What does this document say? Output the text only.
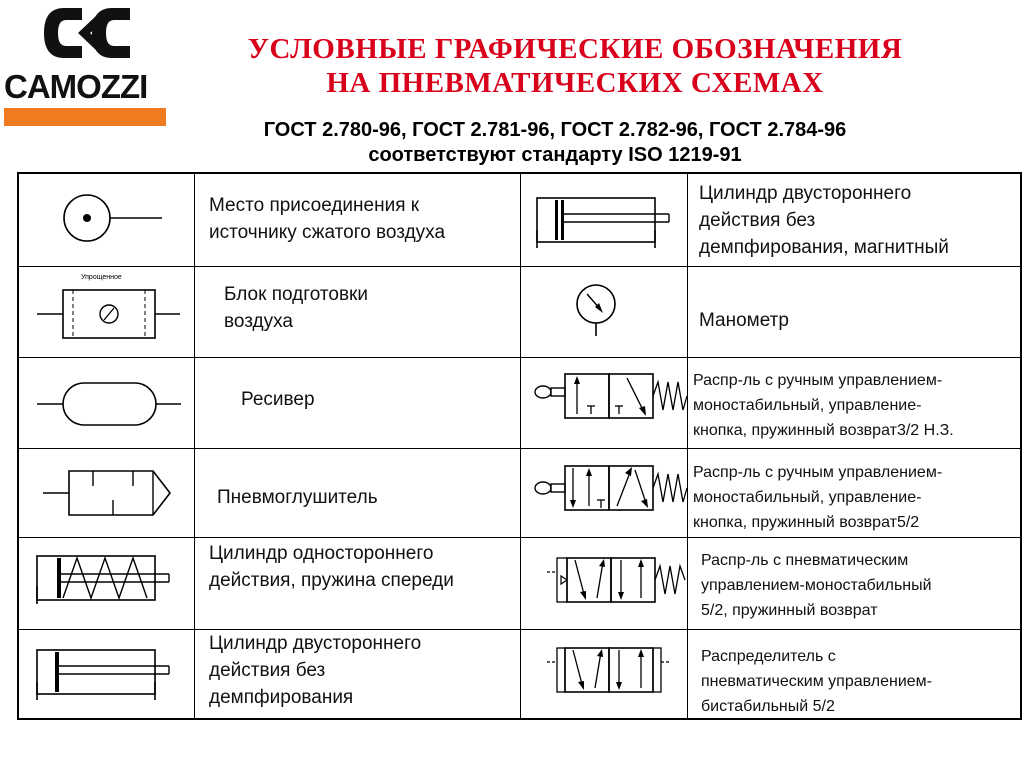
CAMOZZI
УСЛОВНЫЕ ГРАФИЧЕСКИЕ ОБОЗНАЧЕНИЯ
НА ПНЕВМАТИЧЕСКИХ СХЕМАХ
ГОСТ 2.780-96, ГОСТ 2.781-96, ГОСТ 2.782-96, ГОСТ 2.784-96
соответствуют стандарту ISO 1219-91
Место присоединения к
источнику сжатого воздуха
Упрощенное
Блок подготовки
воздуха
Ресивер
Пневмоглушитель
Цилиндр одностороннего
действия, пружина спереди
Цилиндр двустороннего
действия без
демпфирования
Цилиндр двустороннего
действия без
демпфирования, магнитный
Манометр
Распр-ль с ручным управлением-
моностабильный, управление-
кнопка, пружинный возврат3/2 Н.З.
Распр-ль с ручным управлением-
моностабильный, управление-
кнопка, пружинный возврат5/2
Распр-ль с пневматическим
управлением-моностабильный
5/2, пружинный возврат
Распределитель с
пневматическим управлением-
бистабильный 5/2
